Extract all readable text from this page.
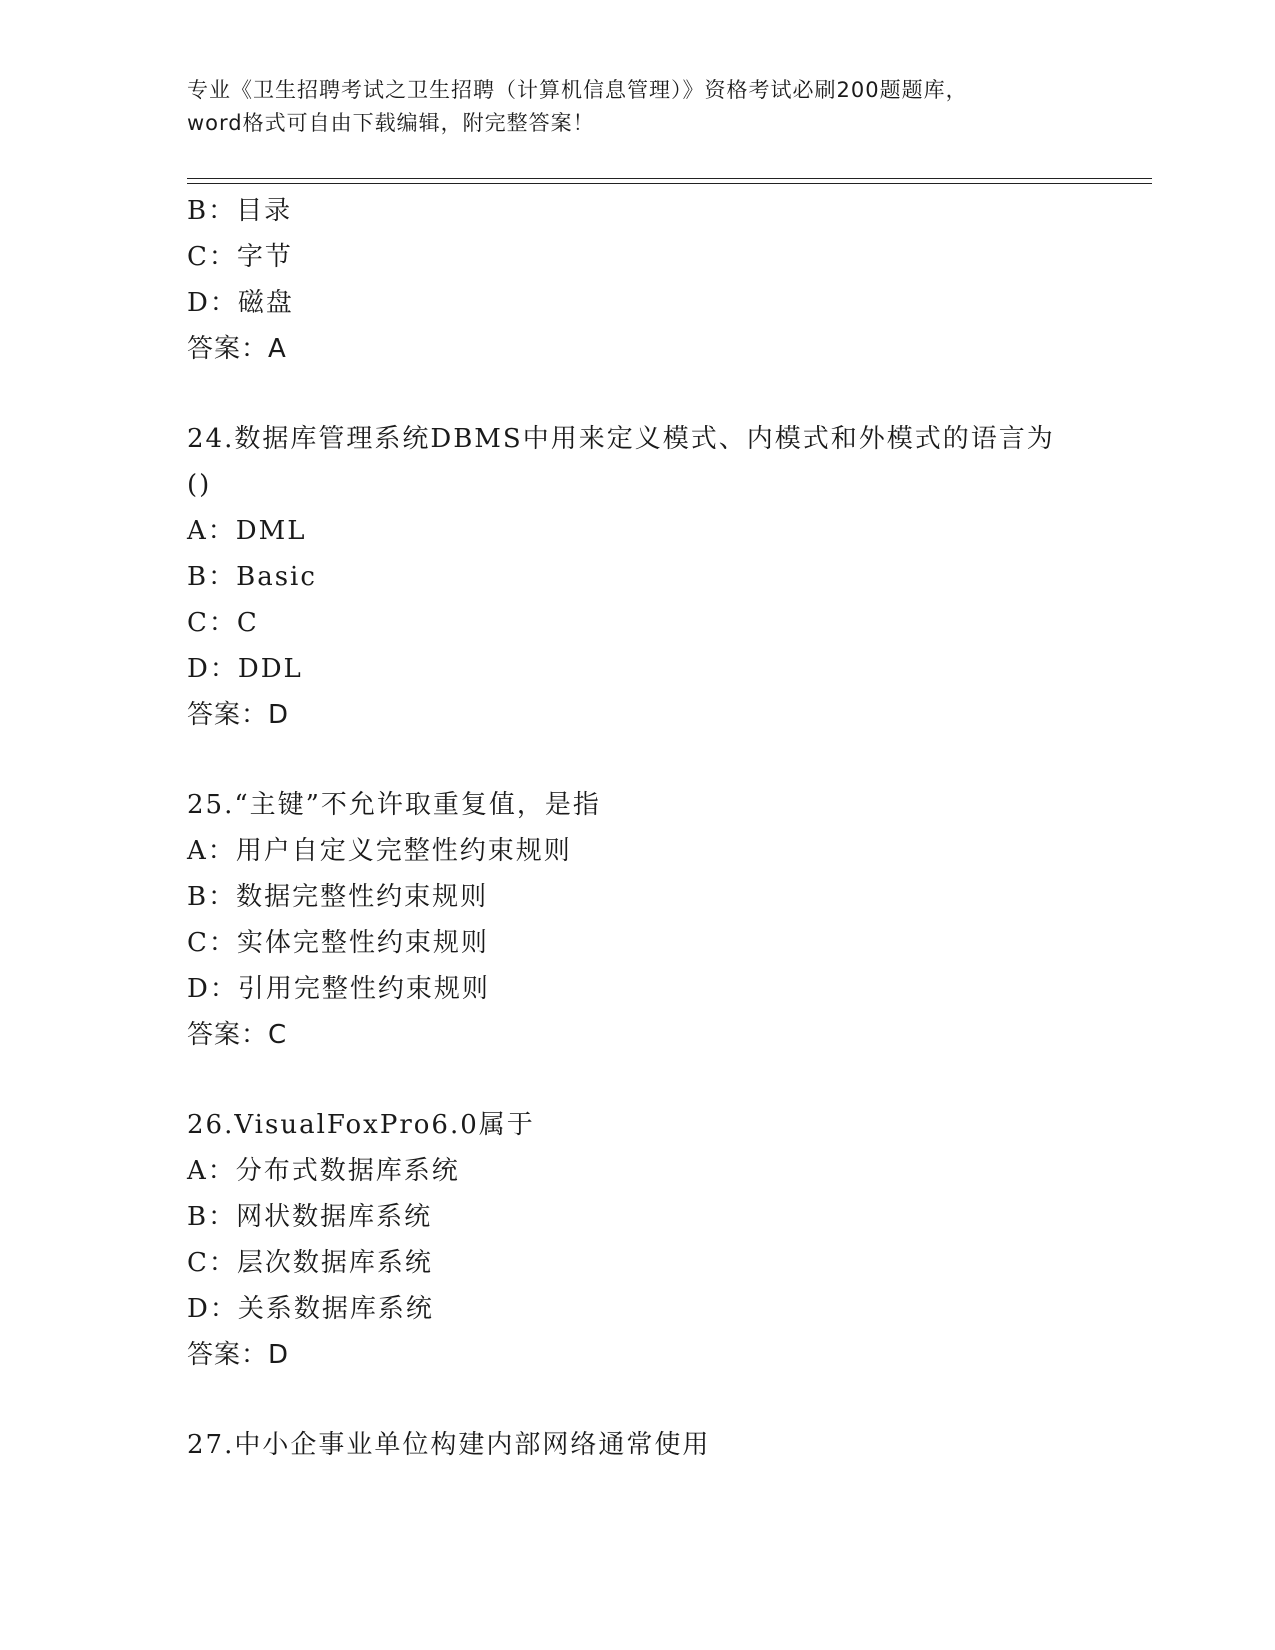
专业《卫生招聘考试之卫生招聘（计算机信息管理）》资格考试必刷200题题库，
word格式可自由下载编辑，附完整答案！
B：目录
C：字节
D：磁盘
答案：A
24.数据库管理系统DBMS中用来定义模式、内模式和外模式的语言为
()
A：DML
B：Basic
C：C
D：DDL
答案：D
25.“主键”不允许取重复值，是指
A：用户自定义完整性约束规则
B：数据完整性约束规则
C：实体完整性约束规则
D：引用完整性约束规则
答案：C
26.VisualFoxPro6.0属于
A：分布式数据库系统
B：网状数据库系统
C：层次数据库系统
D：关系数据库系统
答案：D
27.中小企事业单位构建内部网络通常使用
